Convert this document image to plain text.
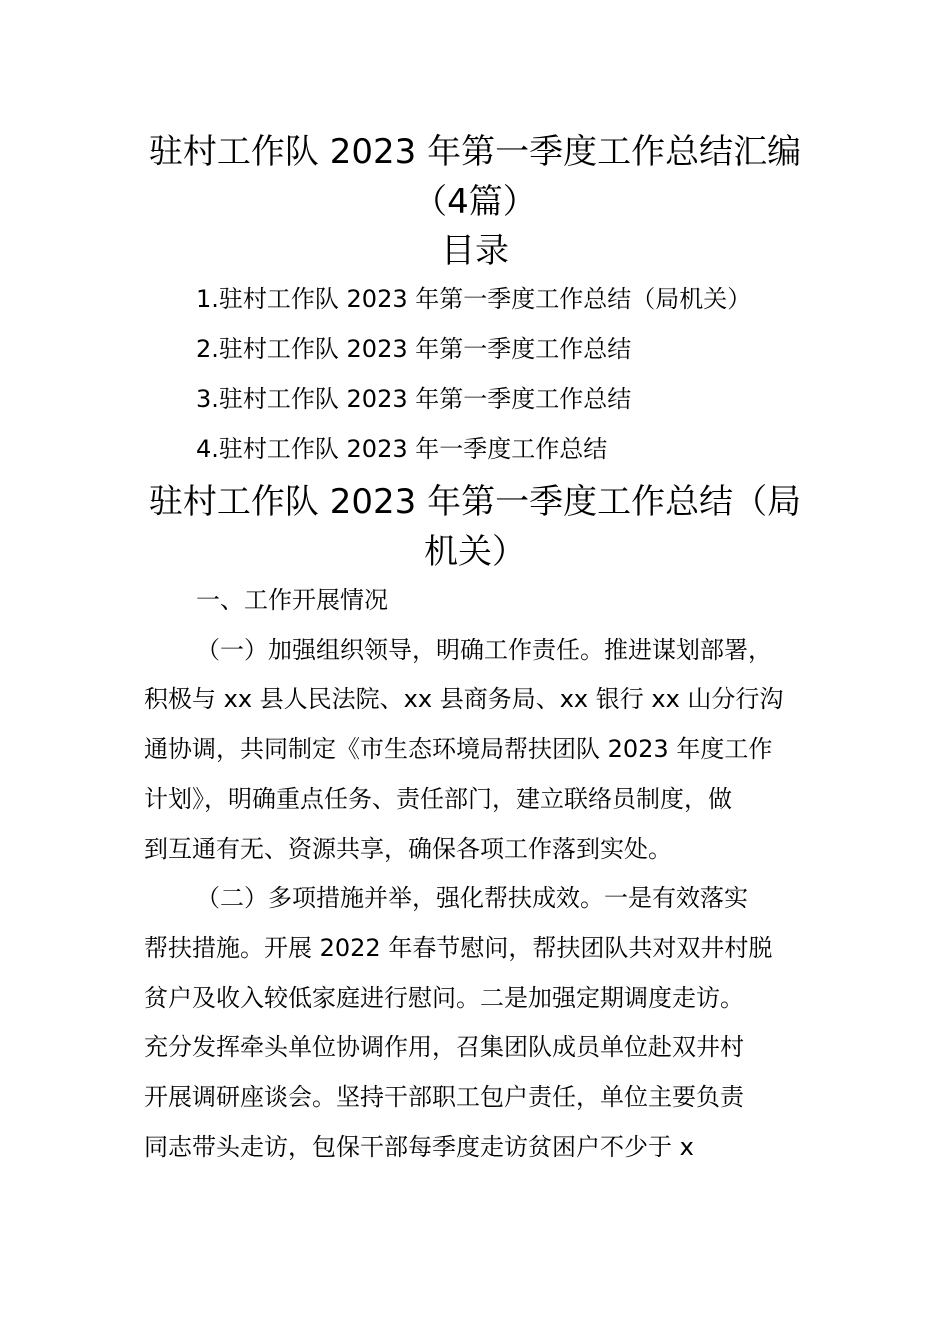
驻村工作队 2023 年第一季度工作总结汇编
（4篇）
目录
1.驻村工作队 2023 年第一季度工作总结（局机关）
2.驻村工作队 2023 年第一季度工作总结
3.驻村工作队 2023 年第一季度工作总结
4.驻村工作队 2023 年一季度工作总结
驻村工作队 2023 年第一季度工作总结（局
机关）

一、工作开展情况

（一）加强组织领导，明确工作责任。推进谋划部署，

积极与 xx 县人民法院、xx 县商务局、xx 银行 xx 山分行沟

通协调，共同制定《市生态环境局帮扶团队 2023 年度工作

计划》，明确重点任务、责任部门，建立联络员制度，做

到互通有无、资源共享，确保各项工作落到实处。

（二）多项措施并举，强化帮扶成效。一是有效落实

帮扶措施。开展 2022 年春节慰问，帮扶团队共对双井村脱

贫户及收入较低家庭进行慰问。二是加强定期调度走访。

充分发挥牵头单位协调作用，召集团队成员单位赴双井村

开展调研座谈会。坚持干部职工包户责任，单位主要负责

同志带头走访，包保干部每季度走访贫困户不少于 x
